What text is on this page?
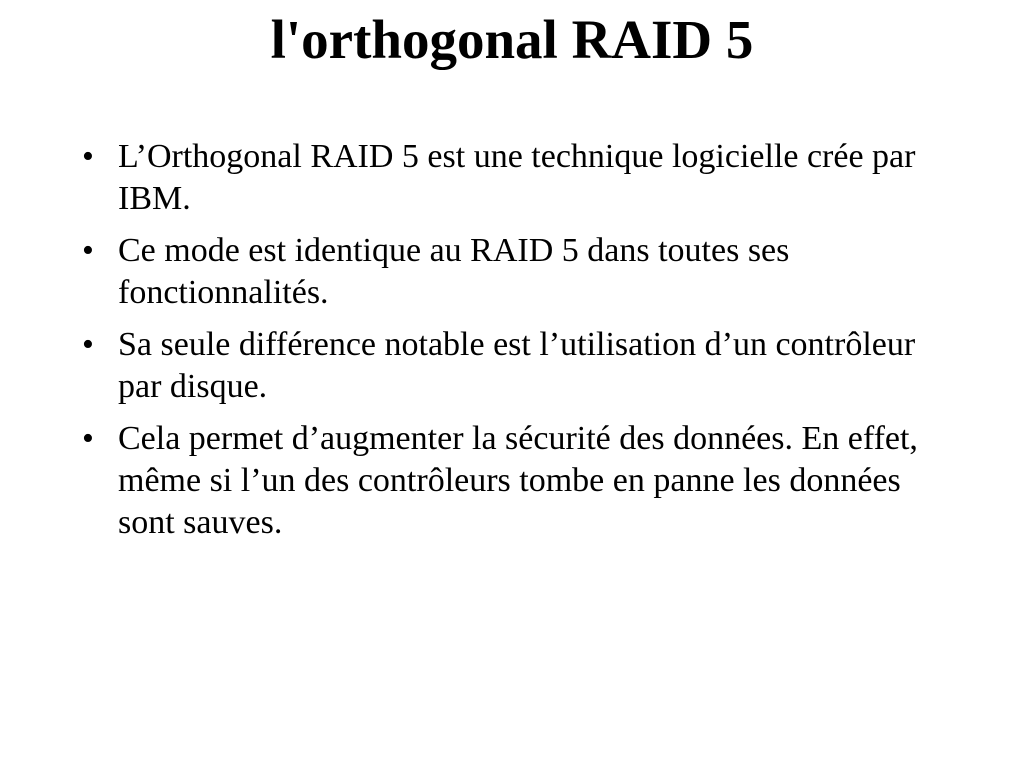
l'orthogonal RAID 5
• L’Orthogonal RAID 5 est une technique logicielle crée par IBM.
• Ce mode est identique au RAID 5 dans toutes ses fonctionnalités.
• Sa seule différence notable est l’utilisation d’un contrôleur par disque.
• Cela permet d’augmenter la sécurité des données. En effet, même si l’un des contrôleurs tombe en panne les données sont sauves.
